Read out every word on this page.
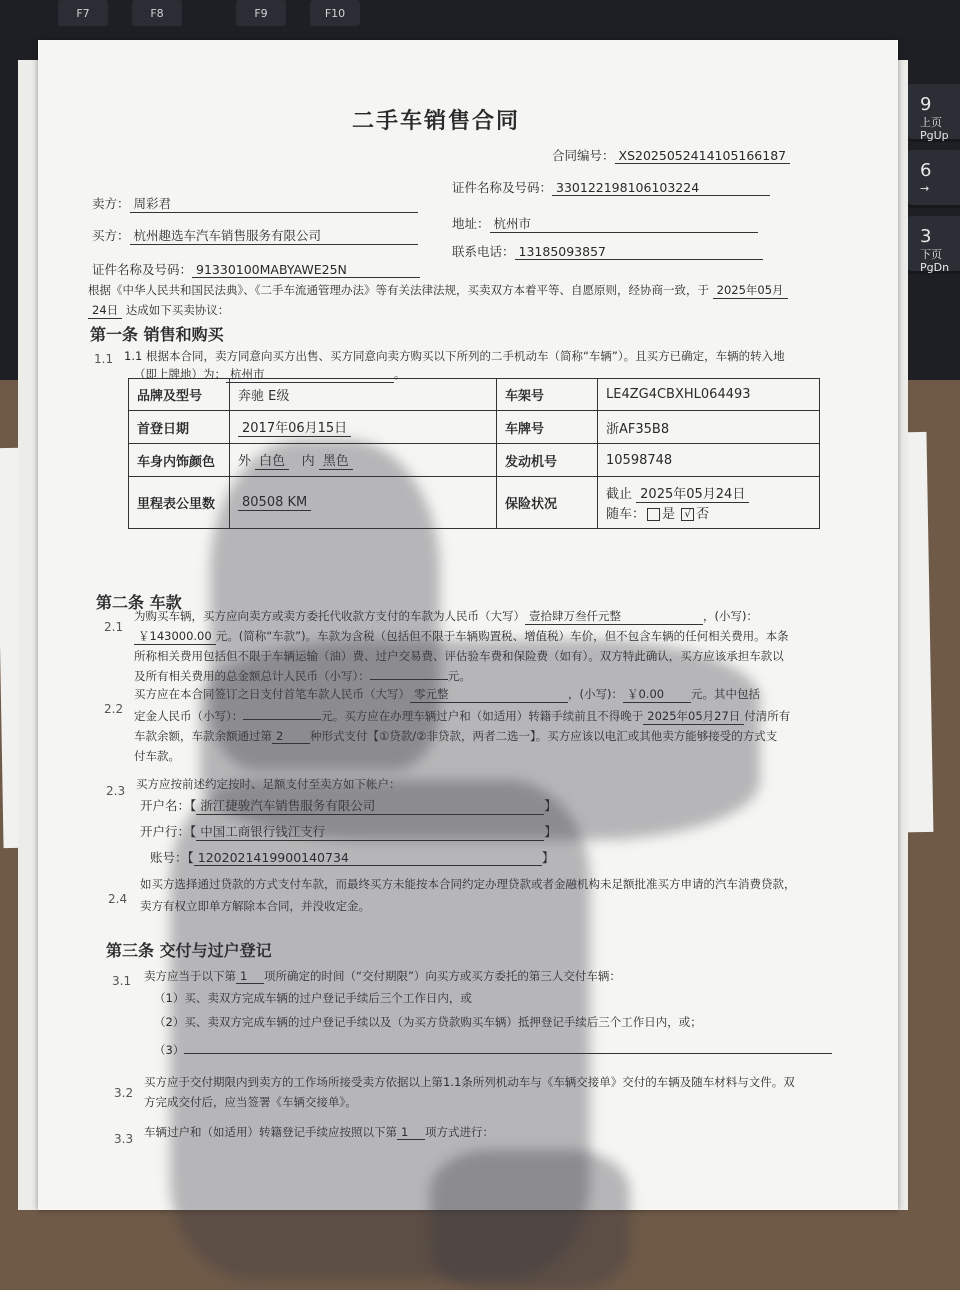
F7	F8	F9	F10
9
上页
PgUp
6
→
3
下页
PgDn
二手车销售合同
合同编号： XS202505241410516618​7
卖方： 周彩君
证件名称及号码： 330122198106103224
买方： 杭州趣选车汽车销售服务有限公司
地址： 杭州市
证件名称及号码： 91330100MABYAWE25N
联系电话： 13185093857
根据《中华人民共和国民法典》、《二手车流通管理办法》等有关法律法规，买卖双方本着平等、自愿原则，经协商一致，于 2025年05月
24日 达成如下买卖协议：
第一条 销售和购买
1.1 1.1 根据本合同，卖方同意向买方出售、买方同意向卖方购买以下所列的二手机动车（简称“车辆”）。且买方已确定，车辆的转入地
（即上牌地）为： 杭州市	。
品牌及型号	奔驰 E级	车架号	LE4ZG4CBXHL064493
首登日期	2017年06月15日	车牌号	浙AF35B8
车身内饰颜色	外 白色 内 黑色	发动机号	10598748
里程表公里数	80508 KM	保险状况	截止 2025年05月24日
随车： 是 √ 否
第二条 车款
2.1
为购买车辆，买方应向卖方或卖方委托代收款方支付的车款为人民币（大写） 壹拾肆万叁仟元整	，(小写)：
￥143000.00 元。(简称“车款”)。车款为含税（包括但不限于车辆购置税、增值税）车价，但不包含车辆的任何相关费用。本条
所称相关费用包括但不限于车辆运输（油）费、过户交易费、评估验车费和保险费（如有）。双方特此确认，买方应该承担车款以
及所有相关费用的总金额总计人民币（小写）：	元。
2.2
买方应在本合同签订之日支付首笔车款人民币（大写） 零元整	，(小写)： ￥0.00 元。其中包括
定金人民币（小写）：	元。买方应在办理车辆过户和（如适用）转籍手续前且不得晚于 2025年05月27日 付清所有
车款余额，车款余额通过第 2 种形式支付【①贷款/②非贷款，两者二选一】。买方应该以电汇或其他卖方能够接受的方式支
付车款。
2.3 买方应按前述约定按时、足额支付至卖方如下帐户：
开户名：【 浙江捷骏汽车销售服务有限公司	】
开户行：【 中国工商银行钱江支行	】
账号：【 1202021419900140734	】
2.4
如买方选择通过贷款的方式支付车款，而最终买方未能按本合同约定办理贷款或者金融机构未足额批准买方申请的汽车消费贷款，
卖方有权立即单方解除本合同，并没收定金。
第三条 交付与过户登记
3.1 卖方应当于以下第 1 项所确定的时间（“交付期限”）向买方或买方委托的第三人交付车辆：
（1）买、卖双方完成车辆的过户登记手续后三个工作日内，或
（2）买、卖双方完成车辆的过户登记手续以及（为买方贷款购买车辆）抵押登记手续后三个工作日内，或；
（3）
3.2
买方应于交付期限内到卖方的工作场所接受卖方依据以上第1.1条所列机动车与《车辆交接单》交付的车辆及随车材料与文件。双
方完成交付后，应当签署《车辆交接单》。
3.3 车辆过户和（如适用）转籍登记手续应按照以下第 1 项方式进行：
